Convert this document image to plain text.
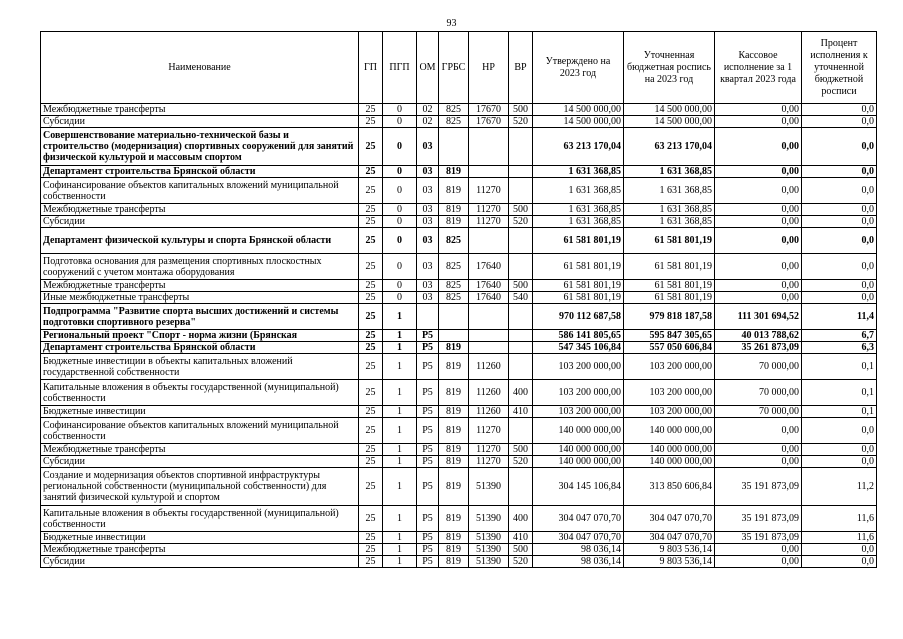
93
Наименование	ГП	ПГП	ОМ	ГРБС	НР	ВР	Утверждено на 2023 год	Уточненная бюджетная роспись на 2023 год	Кассовое исполнение за 1 квартал 2023 года	Процент исполнения к уточненной бюджетной росписи
Межбюджетные трансферты	25	0	02	825	17670	500	14 500 000,00	14 500 000,00	0,00	0,0
Субсидии	25	0	02	825	17670	520	14 500 000,00	14 500 000,00	0,00	0,0
Совершенствование материально-технической базы и строительство (модернизация) спортивных сооружений для занятий физической культурой и массовым спортом	25	0	03				63 213 170,04	63 213 170,04	0,00	0,0
Департамент строительства Брянской области	25	0	03	819			1 631 368,85	1 631 368,85	0,00	0,0
Софинансирование объектов капитальных вложений муниципальной собственности	25	0	03	819	11270		1 631 368,85	1 631 368,85	0,00	0,0
Межбюджетные трансферты	25	0	03	819	11270	500	1 631 368,85	1 631 368,85	0,00	0,0
Субсидии	25	0	03	819	11270	520	1 631 368,85	1 631 368,85	0,00	0,0
Департамент физической культуры и спорта Брянской области	25	0	03	825			61 581 801,19	61 581 801,19	0,00	0,0
Подготовка основания для размещения спортивных плоскостных сооружений с учетом монтажа оборудования	25	0	03	825	17640		61 581 801,19	61 581 801,19	0,00	0,0
Межбюджетные трансферты	25	0	03	825	17640	500	61 581 801,19	61 581 801,19	0,00	0,0
Иные межбюджетные трансферты	25	0	03	825	17640	540	61 581 801,19	61 581 801,19	0,00	0,0
Подпрограмма "Развитие спорта высших достижений и системы подготовки спортивного резерва"	25	1					970 112 687,58	979 818 187,58	111 301 694,52	11,4
Региональный проект "Спорт - норма жизни (Брянская	25	1	P5				586 141 805,65	595 847 305,65	40 013 788,62	6,7
Департамент строительства Брянской области	25	1	P5	819			547 345 106,84	557 050 606,84	35 261 873,09	6,3
Бюджетные инвестиции в объекты капитальных вложений государственной собственности	25	1	P5	819	11260		103 200 000,00	103 200 000,00	70 000,00	0,1
Капитальные вложения в объекты государственной (муниципальной) собственности	25	1	P5	819	11260	400	103 200 000,00	103 200 000,00	70 000,00	0,1
Бюджетные инвестиции	25	1	P5	819	11260	410	103 200 000,00	103 200 000,00	70 000,00	0,1
Софинансирование объектов капитальных вложений муниципальной собственности	25	1	P5	819	11270		140 000 000,00	140 000 000,00	0,00	0,0
Межбюджетные трансферты	25	1	P5	819	11270	500	140 000 000,00	140 000 000,00	0,00	0,0
Субсидии	25	1	P5	819	11270	520	140 000 000,00	140 000 000,00	0,00	0,0
Создание и модернизация объектов спортивной инфраструктуры региональной собственности (муниципальной собственности) для занятий физической культурой и спортом	25	1	P5	819	51390		304 145 106,84	313 850 606,84	35 191 873,09	11,2
Капитальные вложения в объекты государственной (муниципальной) собственности	25	1	P5	819	51390	400	304 047 070,70	304 047 070,70	35 191 873,09	11,6
Бюджетные инвестиции	25	1	P5	819	51390	410	304 047 070,70	304 047 070,70	35 191 873,09	11,6
Межбюджетные трансферты	25	1	P5	819	51390	500	98 036,14	9 803 536,14	0,00	0,0
Субсидии	25	1	P5	819	51390	520	98 036,14	9 803 536,14	0,00	0,0
